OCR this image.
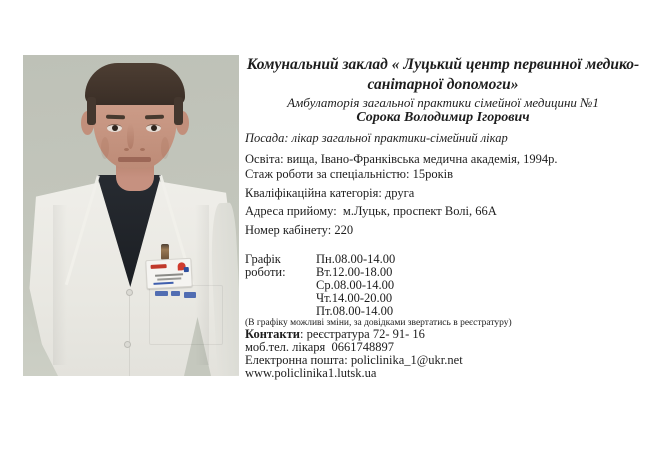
Комунальний заклад « Луцький центр первинної медико-
санітарної допомоги»
Амбулаторія загальної практики сімейної медицини №1
Сорока Володимир Ігорович
Посада: лікар загальної практики-сімейний лікар
Освіта: вища, Івано-Франківська медична академія, 1994р.
Стаж роботи за спеціальністю: 15років
Кваліфікаційна категорія: друга
Адреса прийому:  м.Луцьк, проспект Волі, 66А
Номер кабінету: 220
Графік роботи:
Пн.08.00-14.00
Вт.12.00-18.00
Ср.08.00-14.00
Чт.14.00-20.00
Пт.08.00-14.00
(В графіку можливі зміни, за довідками звертатись в реєстратуру)
Контакти: реєстратура 72- 91- 16
моб.тел. лікаря  0661748897
Електронна пошта: policlinika_1@ukr.net
www.policlinika1.lutsk.ua
